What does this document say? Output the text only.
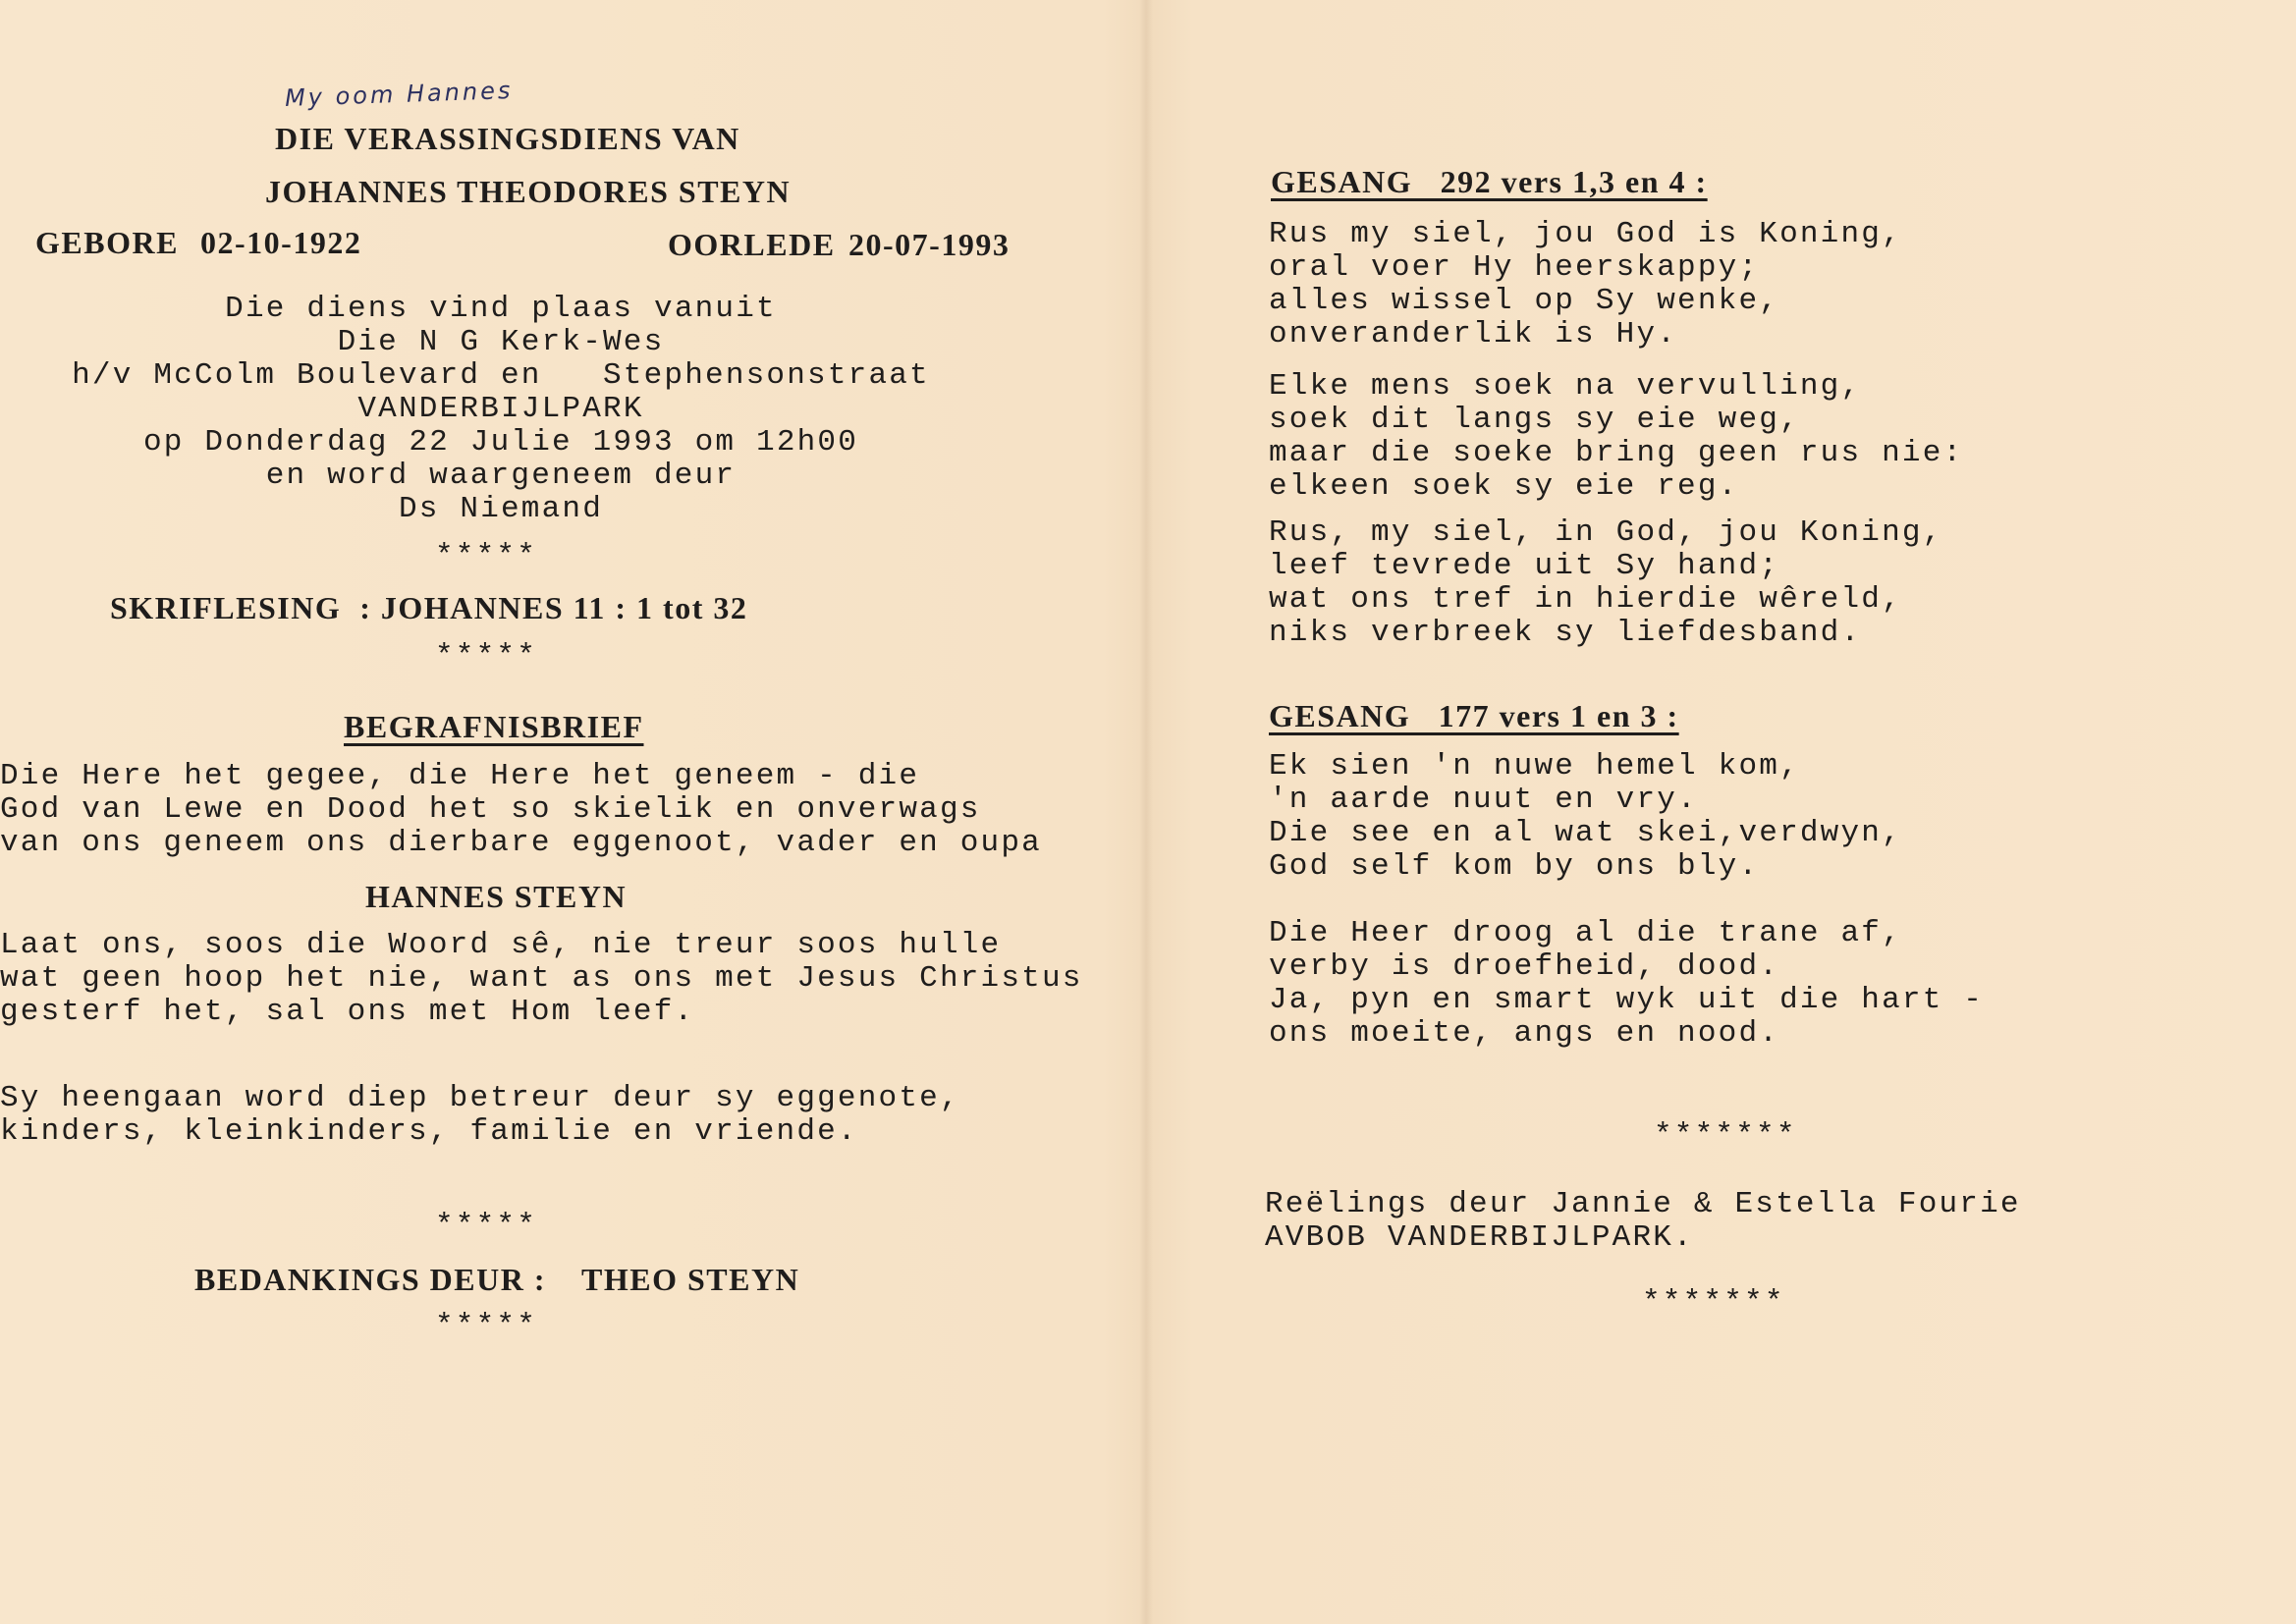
My oom Hannes
DIE VERASSINGSDIENS VAN
JOHANNES THEODORES STEYN
GEBORE 02-10-1922	OORLEDE 20-07-1993
Die diens vind plaas vanuit
Die N G Kerk-Wes
h/v McColm Boulevard en   Stephensonstraat
VANDERBIJLPARK
op Donderdag 22 Julie 1993 om 12h00
en word waargeneem deur
Ds Niemand
*****
SKRIFLESING  : JOHANNES 11 : 1 tot 32
*****
BEGRAFNISBRIEF
Die Here het gegee, die Here het geneem - die
God van Lewe en Dood het so skielik en onverwags
van ons geneem ons dierbare eggenoot, vader en oupa
HANNES STEYN
Laat ons, soos die Woord sê, nie treur soos hulle
wat geen hoop het nie, want as ons met Jesus Christus
gesterf het, sal ons met Hom leef.
Sy heengaan word diep betreur deur sy eggenote,
kinders, kleinkinders, familie en vriende.
*****
BEDANKINGS DEUR : THEO STEYN
*****
GESANG   292 vers 1,3 en 4 :
Rus my siel, jou God is Koning,
oral voer Hy heerskappy;
alles wissel op Sy wenke,
onveranderlik is Hy.
Elke mens soek na vervulling,
soek dit langs sy eie weg,
maar die soeke bring geen rus nie:
elkeen soek sy eie reg.
Rus, my siel, in God, jou Koning,
leef tevrede uit Sy hand;
wat ons tref in hierdie wêreld,
niks verbreek sy liefdesband.
GESANG   177 vers 1 en 3 :
Ek sien 'n nuwe hemel kom,
'n aarde nuut en vry.
Die see en al wat skei,verdwyn,
God self kom by ons bly.
Die Heer droog al die trane af,
verby is droefheid, dood.
Ja, pyn en smart wyk uit die hart -
ons moeite, angs en nood.
*******
Reëlings deur Jannie & Estella Fourie
AVBOB VANDERBIJLPARK.
*******
